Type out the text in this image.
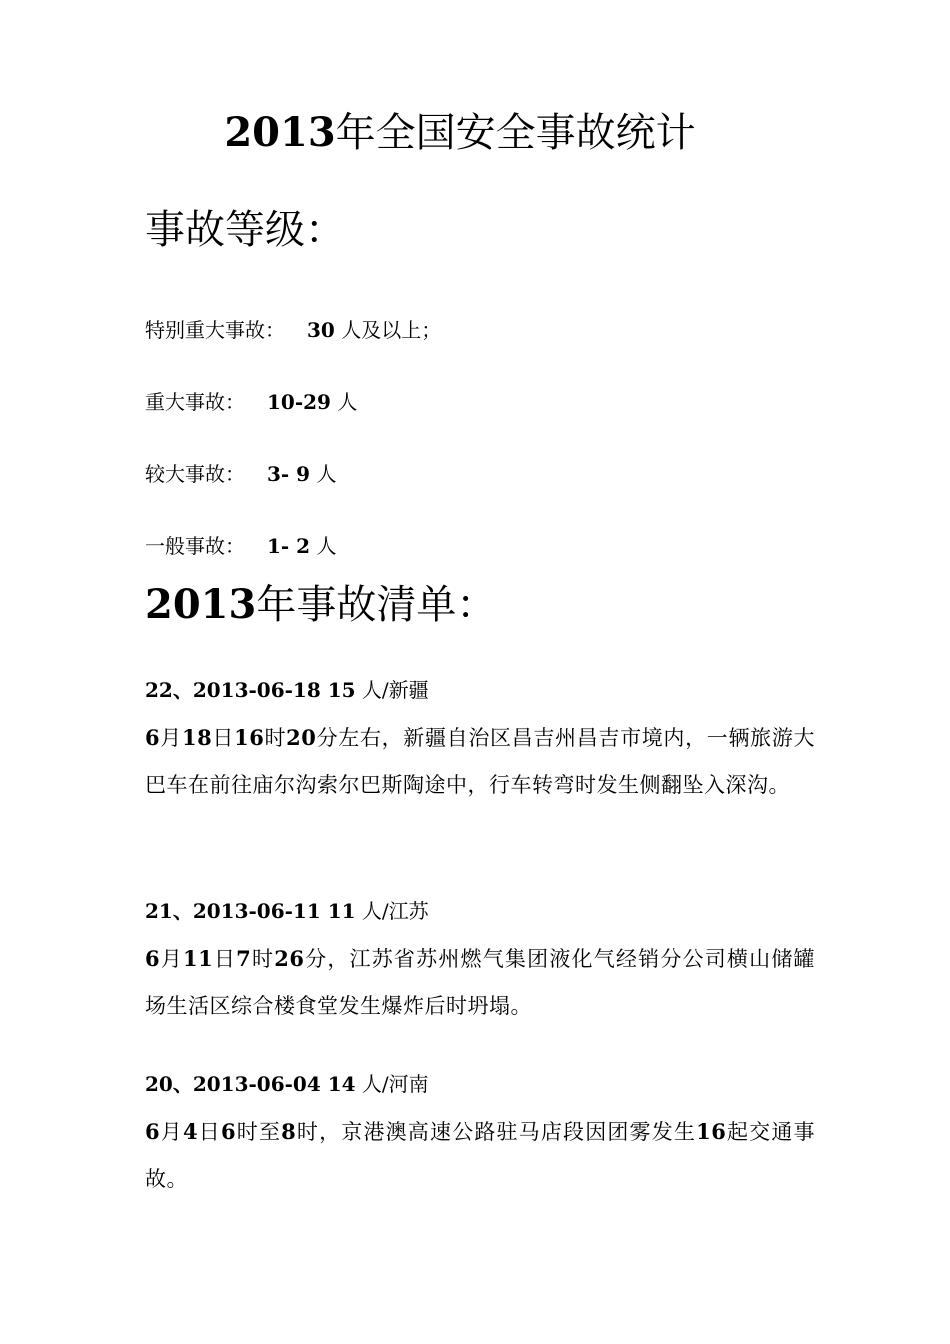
2013年全国安全事故统计
事故等级：
特别重大事故： 30 人及以上；
重大事故： 10-29 人
较大事故： 3- 9 人
一般事故： 1- 2 人
2013年事故清单：

22、2013-06-18 15 人/新疆

6月18日16时20分左右，新疆自治区昌吉州昌吉市境内，一辆旅游大巴车在前往庙尔沟索尔巴斯陶途中，行车转弯时发生侧翻坠入深沟。

21、2013-06-11 11 人/江苏

6月11日7时26分，江苏省苏州燃气集团液化气经销分公司横山储罐场生活区综合楼食堂发生爆炸后时坍塌。

20、2013-06-04 14 人/河南

6月4日6时至8时，京港澳高速公路驻马店段因团雾发生16起交通事故。
